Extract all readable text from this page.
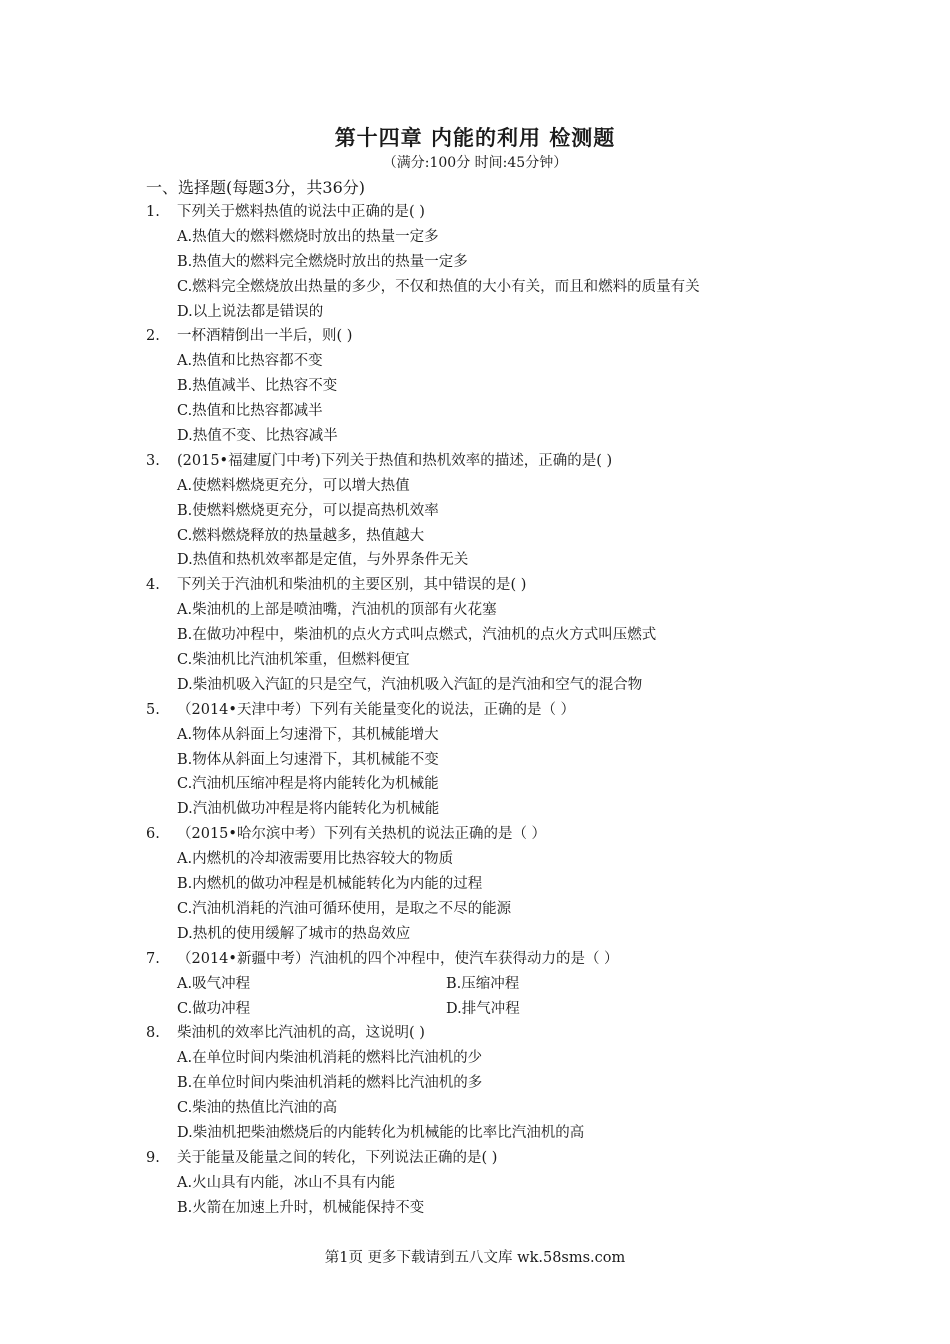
第十四章 内能的利用 检测题
（满分:100分 时间:45分钟）
一、选择题(每题3分，共36分)
1. 下列关于燃料热值的说法中正确的是( )
A.热值大的燃料燃烧时放出的热量一定多
B.热值大的燃料完全燃烧时放出的热量一定多
C.燃料完全燃烧放出热量的多少，不仅和热值的大小有关，而且和燃料的质量有关
D.以上说法都是错误的
2. 一杯酒精倒出一半后，则( )
A.热值和比热容都不变
B.热值减半、比热容不变
C.热值和比热容都减半
D.热值不变、比热容减半
3. (2015•福建厦门中考)下列关于热值和热机效率的描述，正确的是( )
A.使燃料燃烧更充分，可以增大热值
B.使燃料燃烧更充分，可以提高热机效率
C.燃料燃烧释放的热量越多，热值越大
D.热值和热机效率都是定值，与外界条件无关
4. 下列关于汽油机和柴油机的主要区别，其中错误的是( )
A.柴油机的上部是喷油嘴，汽油机的顶部有火花塞
B.在做功冲程中，柴油机的点火方式叫点燃式，汽油机的点火方式叫压燃式
C.柴油机比汽油机笨重，但燃料便宜
D.柴油机吸入汽缸的只是空气，汽油机吸入汽缸的是汽油和空气的混合物
5. （2014•天津中考）下列有关能量变化的说法，正确的是（ ）
A.物体从斜面上匀速滑下，其机械能增大
B.物体从斜面上匀速滑下，其机械能不变
C.汽油机压缩冲程是将内能转化为机械能
D.汽油机做功冲程是将内能转化为机械能
6. （2015•哈尔滨中考）下列有关热机的说法正确的是（ ）
A.内燃机的冷却液需要用比热容较大的物质
B.内燃机的做功冲程是机械能转化为内能的过程
C.汽油机消耗的汽油可循环使用，是取之不尽的能源
D.热机的使用缓解了城市的热岛效应
7. （2014•新疆中考）汽油机的四个冲程中，使汽车获得动力的是（ ）
A.吸气冲程	B.压缩冲程
C.做功冲程	D.排气冲程
8. 柴油机的效率比汽油机的高，这说明( )
A.在单位时间内柴油机消耗的燃料比汽油机的少
B.在单位时间内柴油机消耗的燃料比汽油机的多
C.柴油的热值比汽油的高
D.柴油机把柴油燃烧后的内能转化为机械能的比率比汽油机的高
9. 关于能量及能量之间的转化，下列说法正确的是( )
A.火山具有内能，冰山不具有内能
B.火箭在加速上升时，机械能保持不变
第1页 更多下载请到五八文库 wk.58sms.com
